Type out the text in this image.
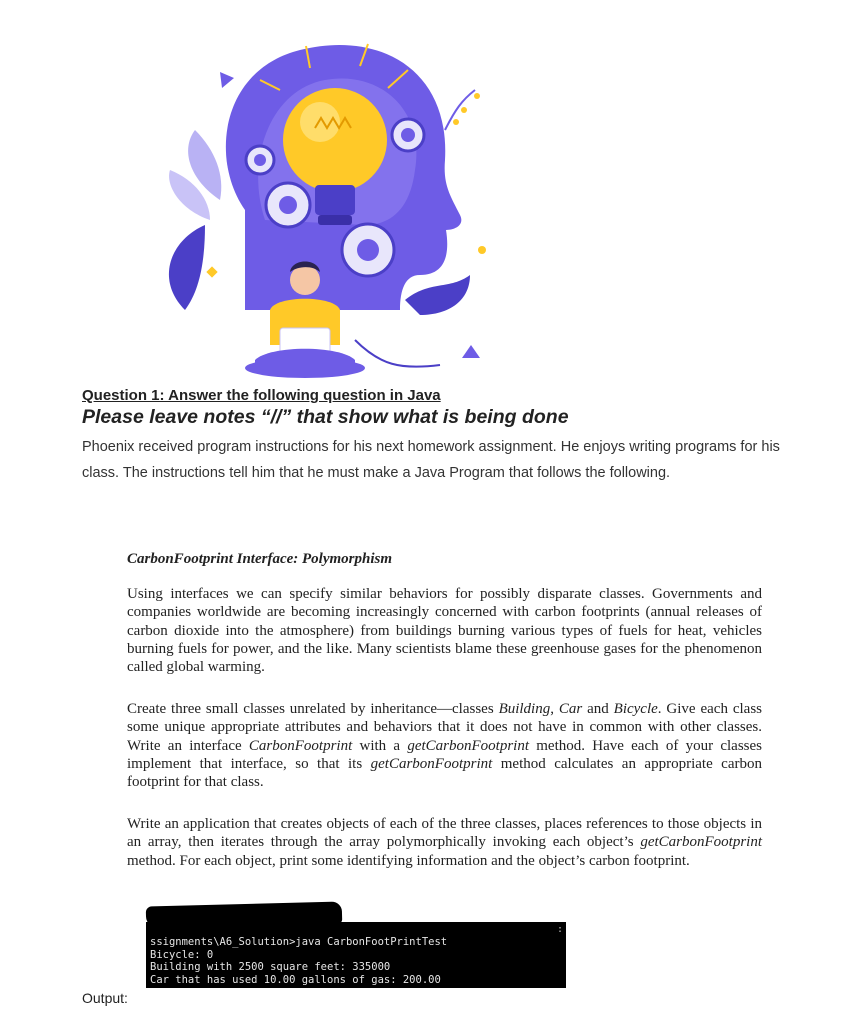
Question 1: Answer the following question in Java
Please leave notes “//” that show what is being done
Phoenix received program instructions for his next homework assignment. He enjoys writing programs for his class. The instructions tell him that he must make a Java Program that follows the following.
CarbonFootprint Interface: Polymorphism
Using interfaces we can specify similar behaviors for possibly disparate classes. Governments and companies worldwide are becoming increasingly concerned with carbon footprints (annual releases of carbon dioxide into the atmosphere) from buildings burning various types of fuels for heat, vehicles burning fuels for power, and the like. Many scientists blame these greenhouse gases for the phenomenon called global warming.
Create three small classes unrelated by inheritance—classes Building, Car and Bicycle. Give each class some unique appropriate attributes and behaviors that it does not have in common with other classes. Write an interface CarbonFootprint with a getCarbonFootprint method. Have each of your classes implement that interface, so that its getCarbonFootprint method calculates an appropriate carbon footprint for that class.
Write an application that creates objects of each of the three classes, places references to those objects in an array, then iterates through the array polymorphically invoking each object’s getCarbonFootprint method. For each object, print some identifying information and the object’s carbon footprint.
:
ssignments\A6_Solution>java CarbonFootPrintTest
Bicycle: 0
Building with 2500 square feet: 335000
Car that has used 10.00 gallons of gas: 200.00
Output:
